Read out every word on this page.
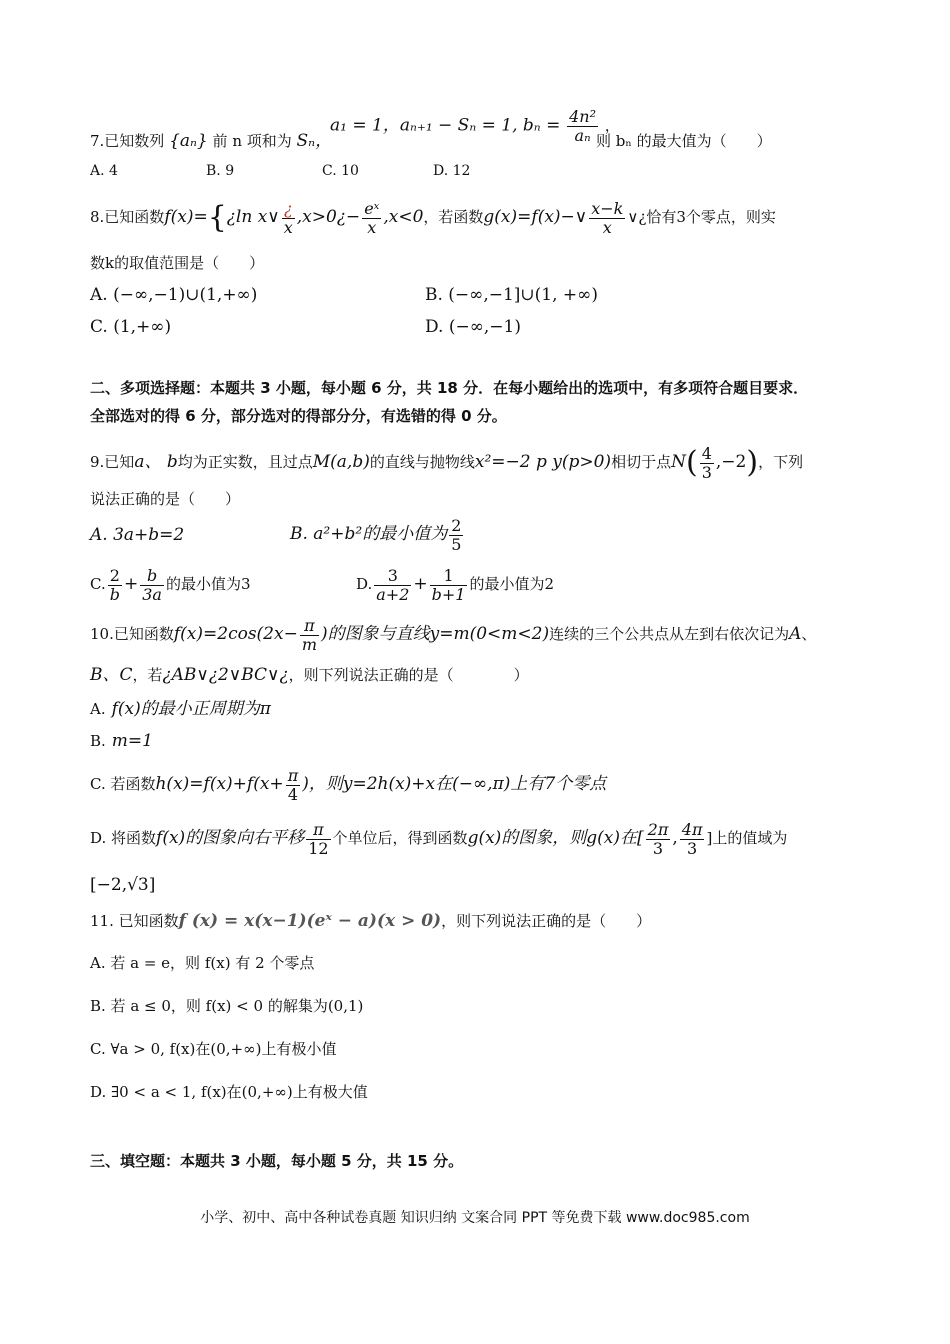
a₁ = 1，aₙ₊₁ − Sₙ = 1, $b_n = \frac{\text{4n²}}{\text{aₙ}}$ ，
7.已知数列 {aₙ} 前 n 项和为 Sₙ，	则 bₙ 的最大值为（　　）
A. 4	B. 9	C. 10	D. 12
8.已知函数f(x)={¿ln x∨ $\frac{¿}{x}$ ,x>0¿− $\frac{\text{eˣ}}{x} ,x<0$，若函数g(x)=f(x)−∨ $\frac{x-k}{x}$ ∨¿恰有3个零点，则实
数k的取值范围是（　　）
A. (−∞,−1)∪(1,+∞)	B. (−∞,−1]∪(1, +∞)
C. (1,+∞)	D. (−∞,−1)
二、多项选择题：本题共 3 小题，每小题 6 分，共 18 分．在每小题给出的选项中，有多项符合题目要求．
全部选对的得 6 分，部分选对的得部分分，有选错的得 0 分。
9.已知a、 b均为正实数，且过点M(a,b)的直线与抛物线x²=−2 p y(p>0)相切于点$N( \frac{4}{3} ,-2)$，下列
说法正确的是（　　）
A. 3a+b=2	B. a²+b²的最小值为 $\frac{2}{5}$
C. $\frac{2}{b} + \frac{b}{3a}$ 的最小值为3	D. $\frac{3}{a+2} + \frac{1}{b+1}$ 的最小值为2
10.已知函数$f(x)=2\cos(2x- \frac{\pi}{m}$ )的图象与直线y=m(0<m<2)连续的三个公共点从左到右依次记为A、
B、C，若¿AB∨¿2∨BC∨¿，则下列说法正确的是（　　　　）
A. f(x)的最小正周期为π
B. m=1
C. 若函数ℎ(x)=f(x)+f(x+ $\frac{\pi}{4}$ )，则y=2ℎ(x)+x在(−∞,π)上有7个零点
D. 将函数f(x)的图象向右平移 $\frac{\pi}{12}$ 个单位后，得到函数g(x)的图象，则g(x)在[ $\frac{2\pi}{3}$ , $\frac{4\pi}{3}$ ]上的值域为
[−2,√3]
11. 已知函数f (x) = x(x−1)(eˣ − a)(x > 0)，则下列说法正确的是（　　）
A. 若 a = e，则 f(x) 有 2 个零点
B. 若 a ≤ 0，则 f(x) < 0 的解集为(0,1)
C. ∀a > 0, f(x)在(0,+∞)上有极小值
D. ∃0 < a < 1, f(x)在(0,+∞)上有极大值
三、填空题：本题共 3 小题，每小题 5 分，共 15 分。
小学、初中、高中各种试卷真题 知识归纳 文案合同 PPT 等免费下载 www.doc985.com
